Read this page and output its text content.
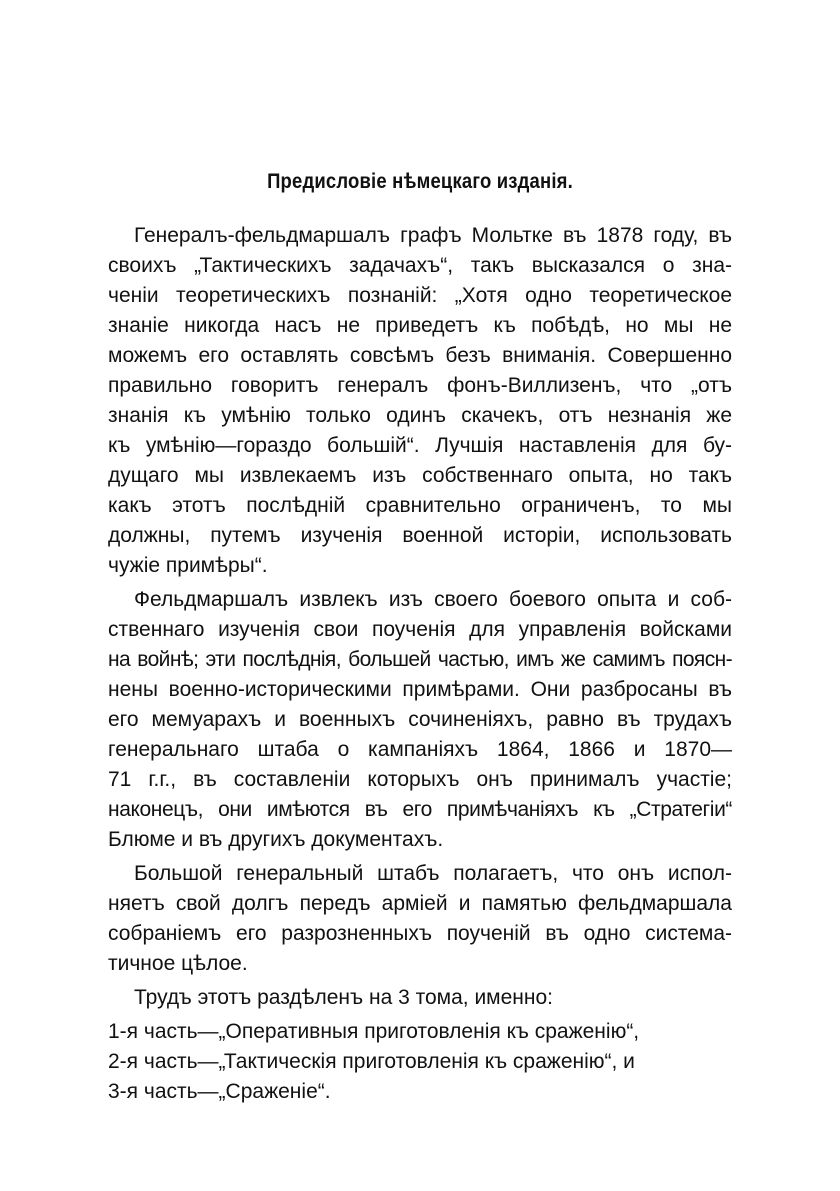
Предисловіе нѣмецкаго изданія.
Генералъ-фельдмаршалъ графъ Мольтке въ 1878 году, въ
своихъ „Тактическихъ задачахъ“, такъ высказался о зна-
ченіи теоретическихъ познаній: „Хотя одно теоретическое
знаніе никогда насъ не приведетъ къ побѣдѣ, но мы не
можемъ его оставлять совсѣмъ безъ вниманія. Совершенно
правильно говоритъ генералъ фонъ-Виллизенъ, что „отъ
знанія къ умѣнію только одинъ скачекъ, отъ незнанія же
къ умѣнію—гораздо большій“. Лучшія наставленія для бу-
дущаго мы извлекаемъ изъ собственнаго опыта, но такъ
какъ этотъ послѣдній сравнительно ограниченъ, то мы
должны, путемъ изученія военной исторіи, использовать
чужіе примѣры“.
Фельдмаршалъ извлекъ изъ своего боевого опыта и соб-
ственнаго изученія свои поученія для управленія войсками
на войнѣ; эти послѣднія, большей частью, имъ же самимъ поясн-
нены военно-историческими примѣрами. Они разбросаны въ
его мемуарахъ и военныхъ сочиненіяхъ, равно въ трудахъ
генеральнаго штаба о кампаніяхъ 1864, 1866 и 1870—
71 г.г., въ составленіи которыхъ онъ принималъ участіе;
наконецъ, они имѣются въ его примѣчаніяхъ къ „Стратегіи“
Блюме и въ другихъ документахъ.
Большой генеральный штабъ полагаетъ, что онъ испол-
няетъ свой долгъ передъ арміей и памятью фельдмаршала
собраніемъ его разрозненныхъ поученій въ одно система-
тичное цѣлое.
Трудъ этотъ раздѣленъ на 3 тома, именно:
1-я часть—„Оперативныя приготовленія къ сраженію“,
2-я часть—„Тактическія приготовленія къ сраженію“, и
3-я часть—„Сраженіе“.
